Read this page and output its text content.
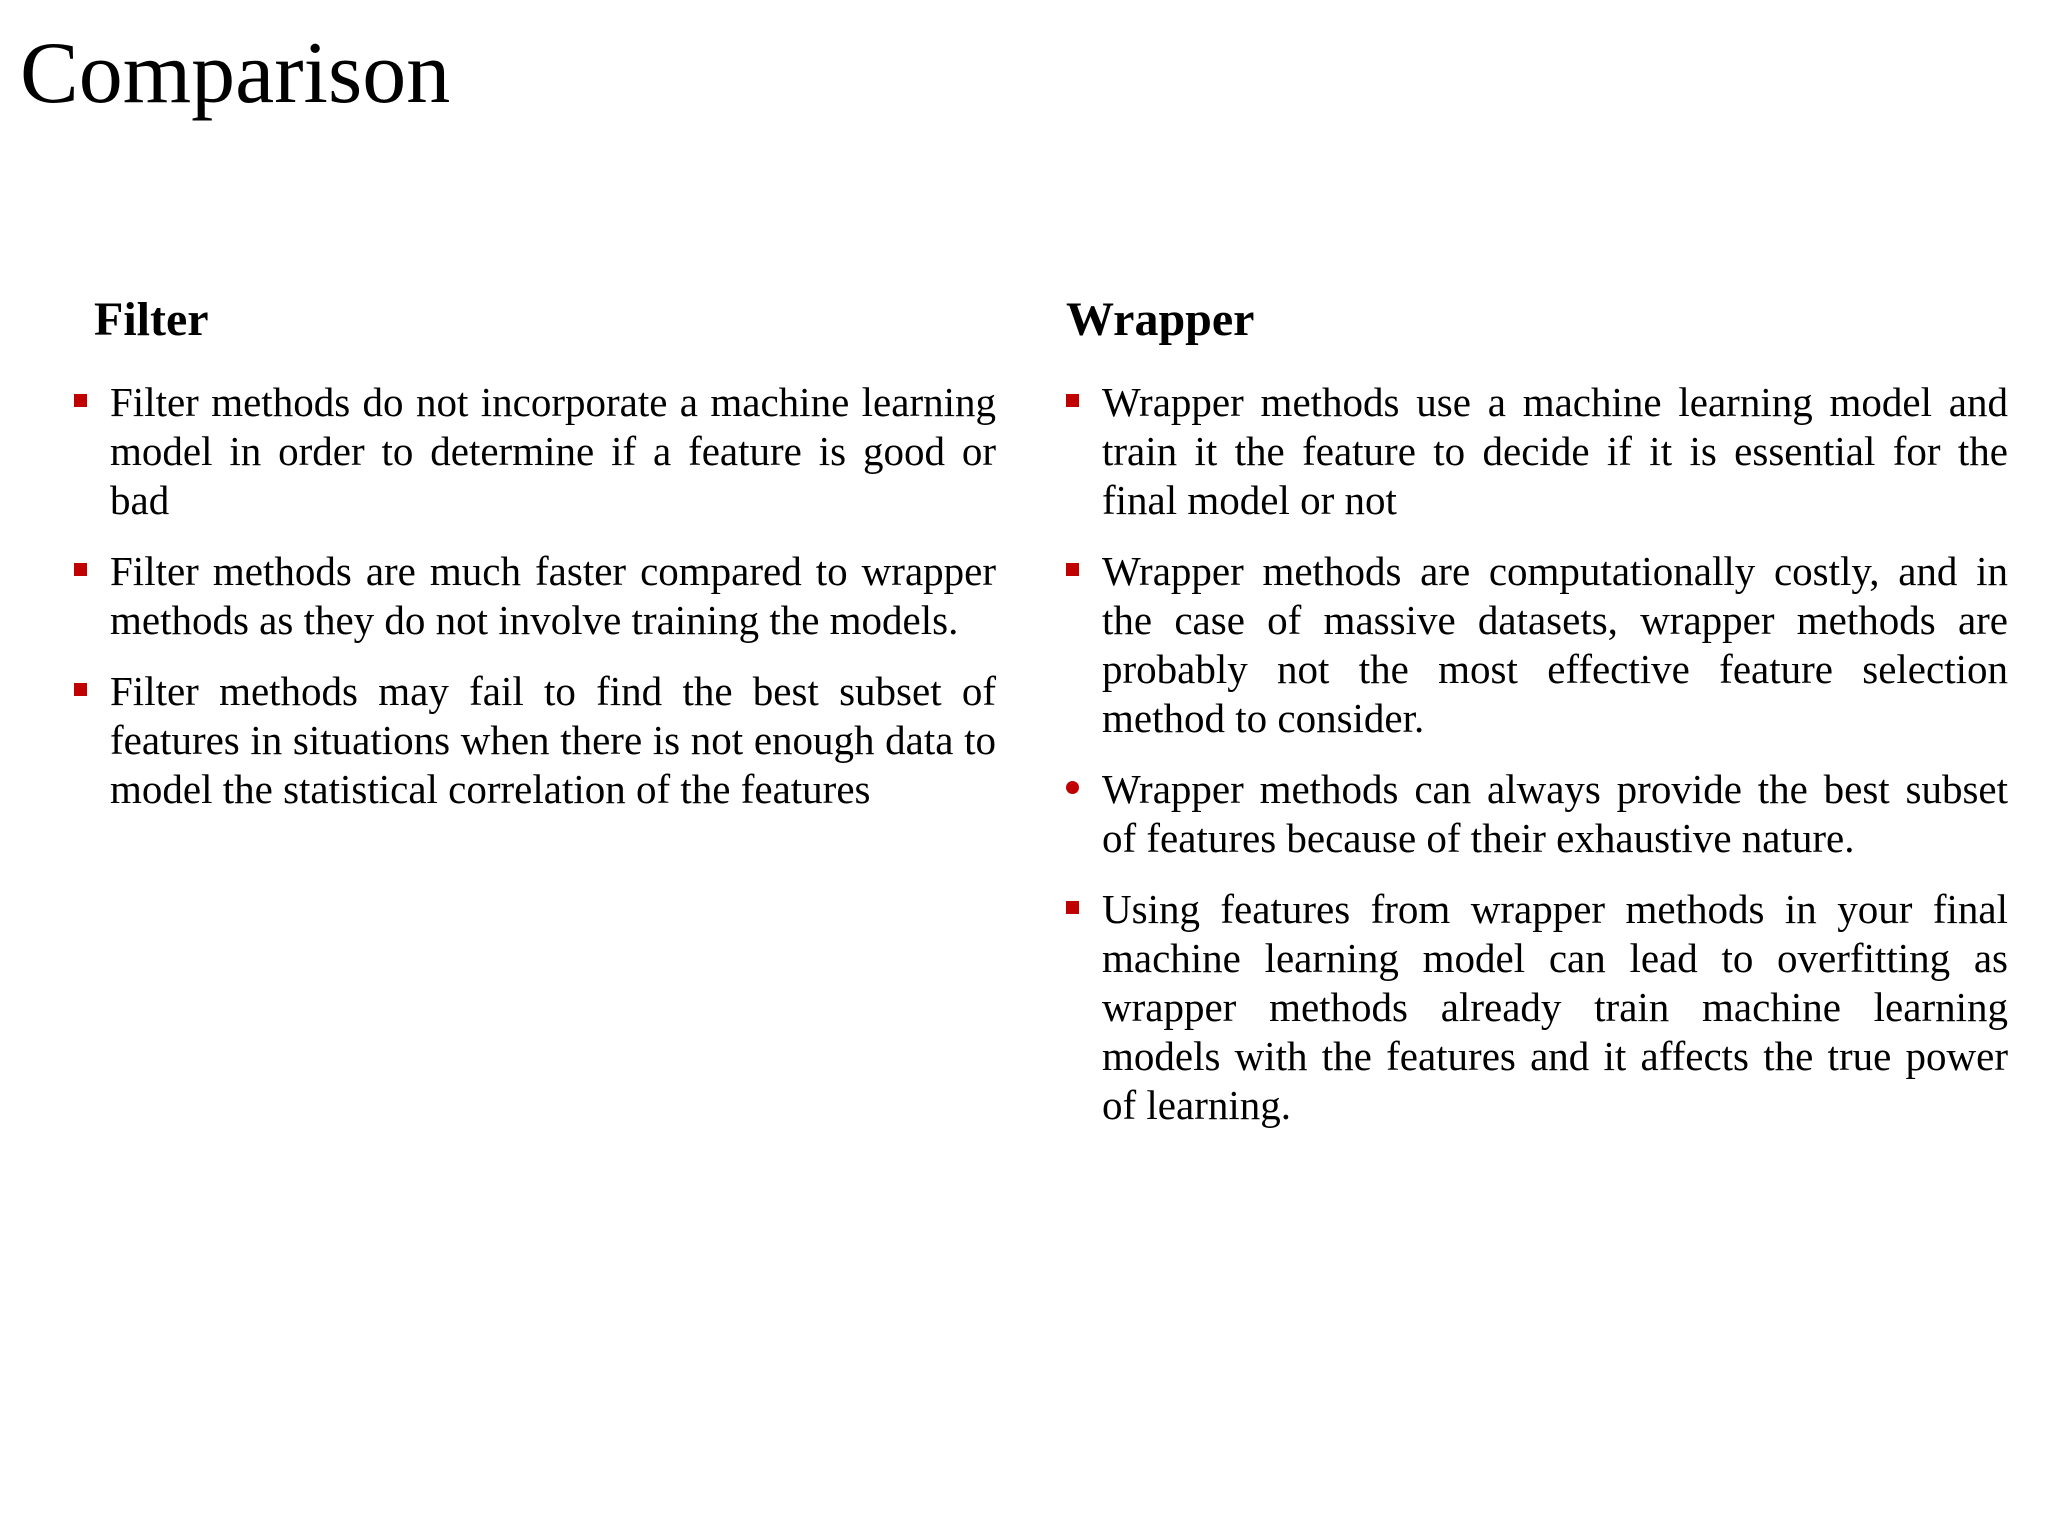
Comparison
Filter
Filter methods do not incorporate a machine learning model in order to determine if a feature is good or bad
Filter methods are much faster compared to wrapper methods as they do not involve training the models.
Filter methods may fail to find the best subset of features in situations when there is not enough data to model the statistical correlation of the features
Wrapper
Wrapper methods use a machine learning model and train it the feature to decide if it is essential for the final model or not
Wrapper methods are computationally costly, and in the case of massive datasets, wrapper methods are probably not the most effective feature selection method to consider.
Wrapper methods can always provide the best subset of features because of their exhaustive nature.
Using features from wrapper methods in your final machine learning model can lead to overfitting as wrapper methods already train machine learning models with the features and it affects the true power of learning.
